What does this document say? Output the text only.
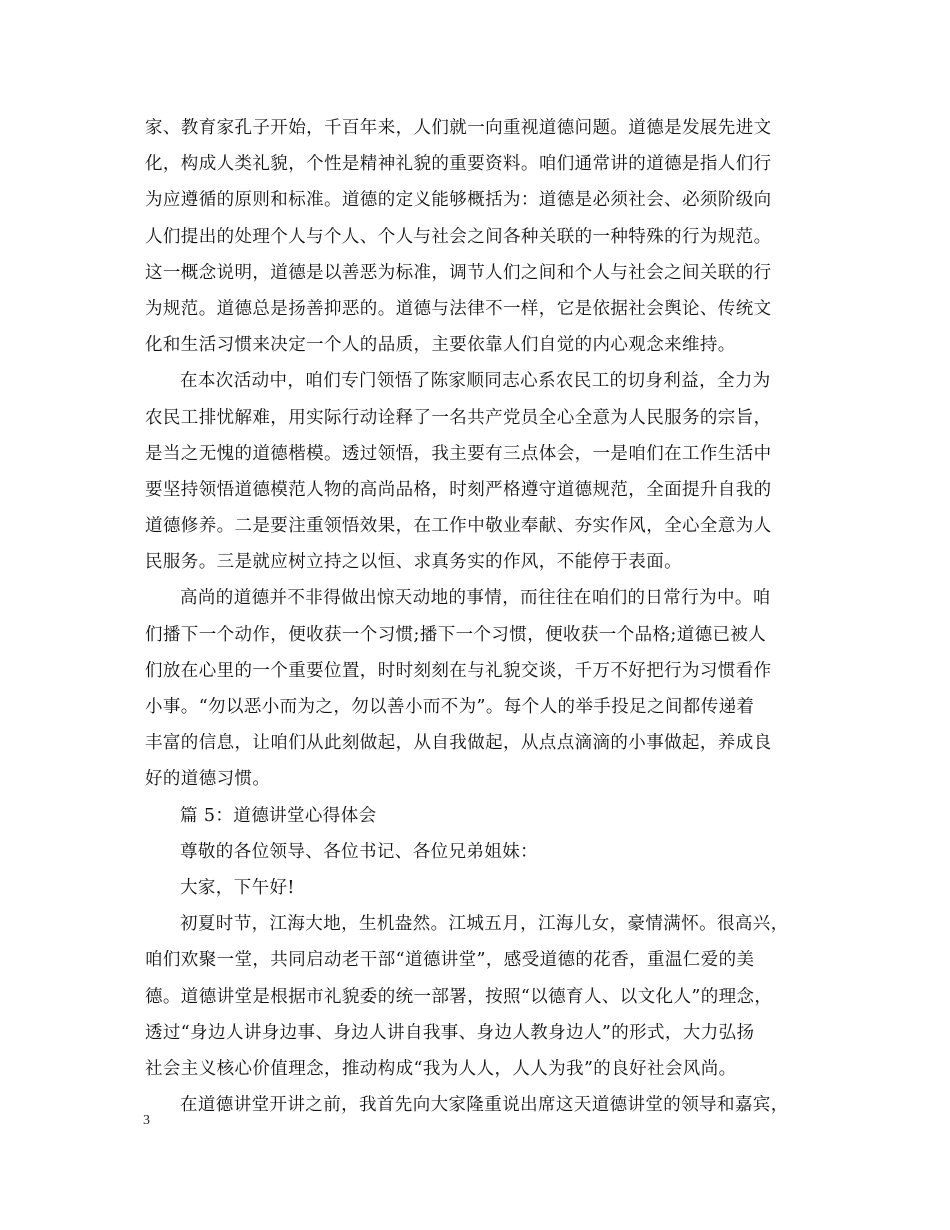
家、教育家孔子开始，千百年来，人们就一向重视道德问题。道德是发展先进文
化，构成人类礼貌，个性是精神礼貌的重要资料。咱们通常讲的道德是指人们行
为应遵循的原则和标准。道德的定义能够概括为：道德是必须社会、必须阶级向
人们提出的处理个人与个人、个人与社会之间各种关联的一种特殊的行为规范。
这一概念说明，道德是以善恶为标准，调节人们之间和个人与社会之间关联的行
为规范。道德总是扬善抑恶的。道德与法律不一样，它是依据社会舆论、传统文
化和生活习惯来决定一个人的品质，主要依靠人们自觉的内心观念来维持。
在本次活动中，咱们专门领悟了陈家顺同志心系农民工的切身利益，全力为
农民工排忧解难，用实际行动诠释了一名共产党员全心全意为人民服务的宗旨，
是当之无愧的道德楷模。透过领悟，我主要有三点体会，一是咱们在工作生活中
要坚持领悟道德模范人物的高尚品格，时刻严格遵守道德规范，全面提升自我的
道德修养。二是要注重领悟效果，在工作中敬业奉献、夯实作风，全心全意为人
民服务。三是就应树立持之以恒、求真务实的作风，不能停于表面。
高尚的道德并不非得做出惊天动地的事情，而往往在咱们的日常行为中。咱
们播下一个动作，便收获一个习惯;播下一个习惯，便收获一个品格;道德已被人
们放在心里的一个重要位置，时时刻刻在与礼貌交谈，千万不好把行为习惯看作
小事。“勿以恶小而为之，勿以善小而不为”。每个人的举手投足之间都传递着
丰富的信息，让咱们从此刻做起，从自我做起，从点点滴滴的小事做起，养成良
好的道德习惯。
篇 5：道德讲堂心得体会
尊敬的各位领导、各位书记、各位兄弟姐妹：
大家，下午好!
初夏时节，江海大地，生机盎然。江城五月，江海儿女，豪情满怀。很高兴，
咱们欢聚一堂，共同启动老干部“道德讲堂”，感受道德的花香，重温仁爱的美
德。道德讲堂是根据市礼貌委的统一部署，按照“以德育人、以文化人”的理念，
透过“身边人讲身边事、身边人讲自我事、身边人教身边人”的形式，大力弘扬
社会主义核心价值理念，推动构成“我为人人，人人为我”的良好社会风尚。
在道德讲堂开讲之前，我首先向大家隆重说出席这天道德讲堂的领导和嘉宾，
3
